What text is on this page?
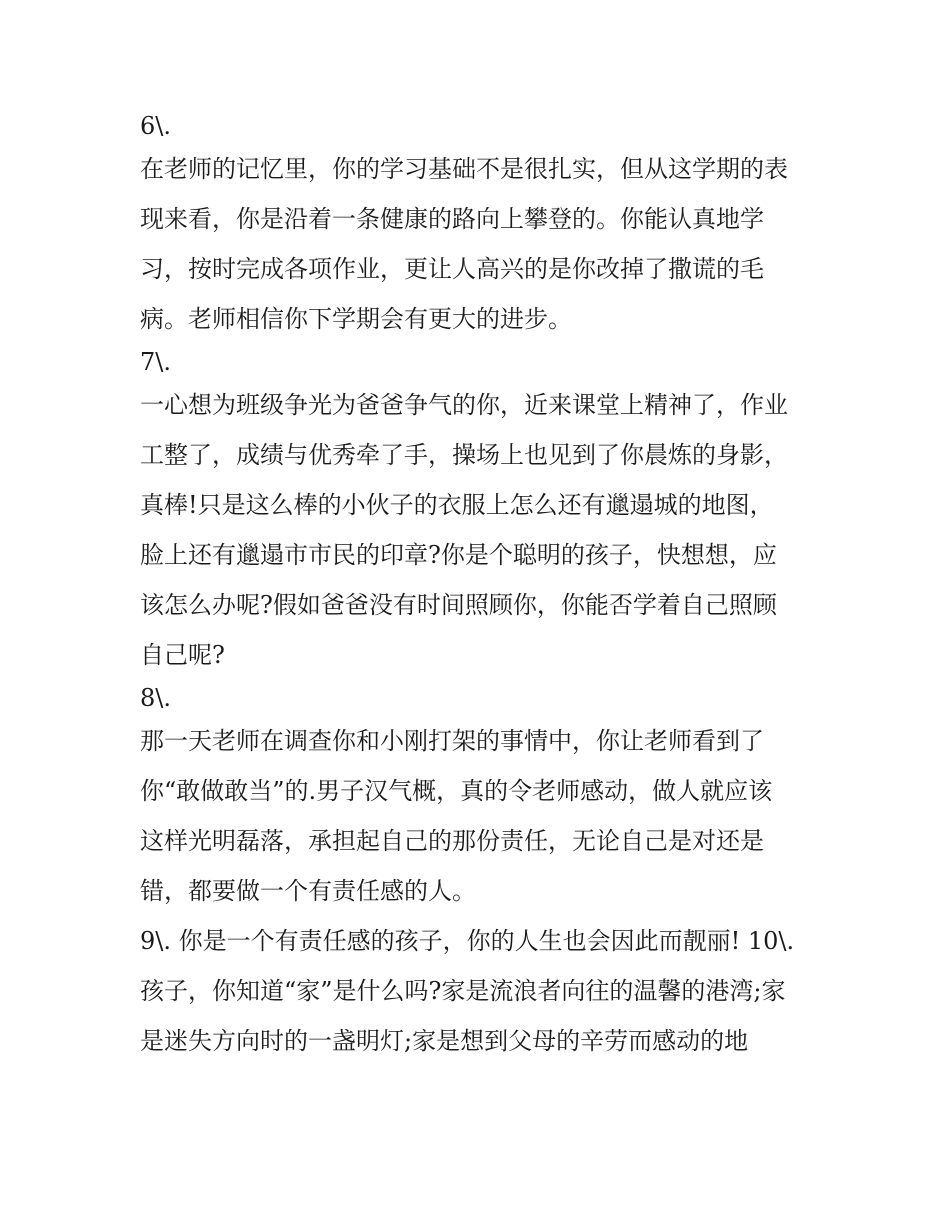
6\.
在老师的记忆里，你的学习基础不是很扎实，但从这学期的表
现来看，你是沿着一条健康的路向上攀登的。你能认真地学
习，按时完成各项作业，更让人高兴的是你改掉了撒谎的毛
病。老师相信你下学期会有更大的进步。
7\.
一心想为班级争光为爸爸争气的你，近来课堂上精神了，作业
工整了，成绩与优秀牵了手，操场上也见到了你晨炼的身影，
真棒!只是这么棒的小伙子的衣服上怎么还有邋遢城的地图，
脸上还有邋遢市市民的印章?你是个聪明的孩子，快想想，应
该怎么办呢?假如爸爸没有时间照顾你，你能否学着自己照顾
自己呢?
8\.
那一天老师在调查你和小刚打架的事情中，你让老师看到了
你“敢做敢当”的.男子汉气概，真的令老师感动，做人就应该
这样光明磊落，承担起自己的那份责任，无论自己是对还是
错，都要做一个有责任感的人。
9\. 你是一个有责任感的孩子，你的人生也会因此而靓丽! 10\.
孩子，你知道“家”是什么吗?家是流浪者向往的温馨的港湾;家
是迷失方向时的一盏明灯;家是想到父母的辛劳而感动的地
